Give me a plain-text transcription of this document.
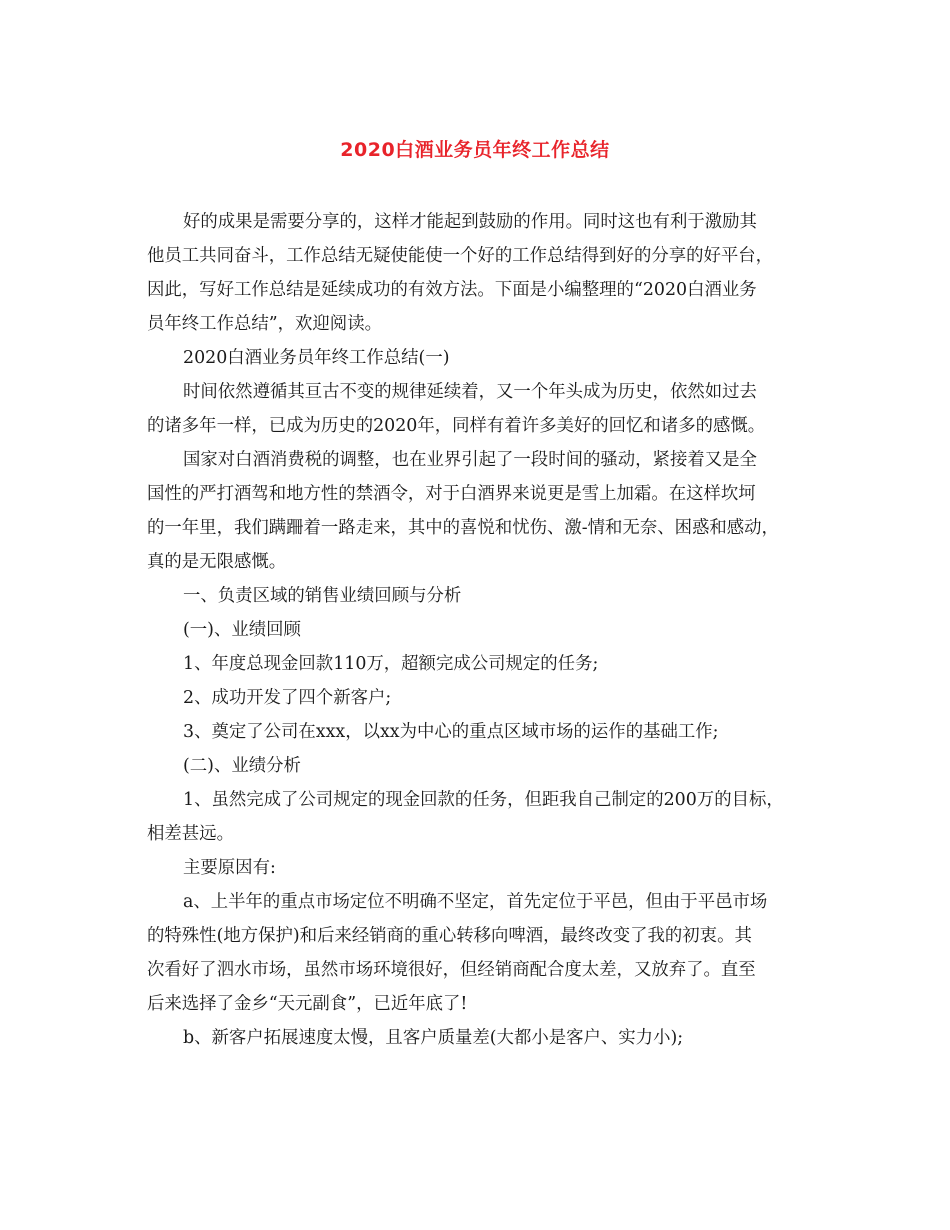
2020白酒业务员年终工作总结
好的成果是需要分享的，这样才能起到鼓励的作用。同时这也有利于激励其
他员工共同奋斗，工作总结无疑使能使一个好的工作总结得到好的分享的好平台，
因此，写好工作总结是延续成功的有效方法。下面是小编整理的“2020白酒业务
员年终工作总结”，欢迎阅读。
2020白酒业务员年终工作总结(一)
时间依然遵循其亘古不变的规律延续着，又一个年头成为历史，依然如过去
的诸多年一样，已成为历史的2020年，同样有着许多美好的回忆和诸多的感慨。
国家对白酒消费税的调整，也在业界引起了一段时间的骚动，紧接着又是全
国性的严打酒驾和地方性的禁酒令，对于白酒界来说更是雪上加霜。在这样坎坷
的一年里，我们蹒跚着一路走来，其中的喜悦和忧伤、激-情和无奈、困惑和感动，
真的是无限感慨。
一、负责区域的销售业绩回顾与分析
(一)、业绩回顾
1、年度总现金回款110万，超额完成公司规定的任务;
2、成功开发了四个新客户;
3、奠定了公司在xxx，以xx为中心的重点区域市场的运作的基础工作;
(二)、业绩分析
1、虽然完成了公司规定的现金回款的任务，但距我自己制定的200万的目标，
相差甚远。
主要原因有:
a、上半年的重点市场定位不明确不坚定，首先定位于平邑，但由于平邑市场
的特殊性(地方保护)和后来经销商的重心转移向啤酒，最终改变了我的初衷。其
次看好了泗水市场，虽然市场环境很好，但经销商配合度太差，又放弃了。直至
后来选择了金乡“天元副食”，已近年底了!
b、新客户拓展速度太慢，且客户质量差(大都小是客户、实力小);
